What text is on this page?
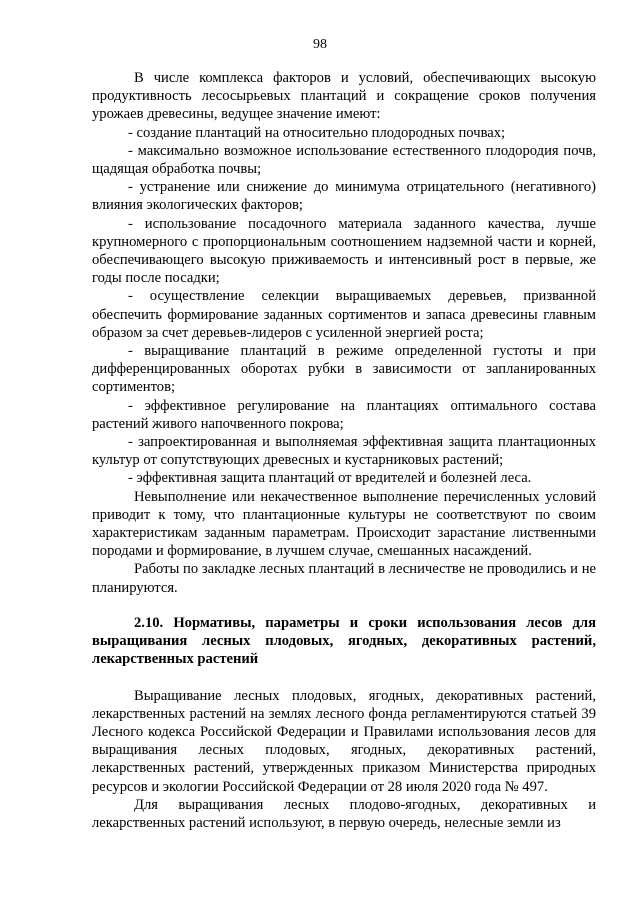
98

В числе комплекса факторов и условий, обеспечивающих высокую продуктивность лесосырьевых плантаций и сокращение сроков получения урожаев древесины, ведущее значение имеют:

- создание плантаций на относительно плодородных почвах;

- максимально возможное использование естественного плодородия почв, щадящая обработка почвы;

- устранение или снижение до минимума отрицательного (негативного) влияния экологических факторов;

- использование посадочного материала заданного качества, лучше крупномерного с пропорциональным соотношением надземной части и корней, обеспечивающего высокую приживаемость и интенсивный рост в первые, же годы после посадки;

- осуществление селекции выращиваемых деревьев, призванной обеспечить формирование заданных сортиментов и запаса древесины главным образом за счет деревьев-лидеров с усиленной энергией роста;

- выращивание плантаций в режиме определенной густоты и при дифференцированных оборотах рубки в зависимости от запланированных сортиментов;

- эффективное регулирование на плантациях оптимального состава растений живого напочвенного покрова;

- запроектированная и выполняемая эффективная защита плантационных культур от сопутствующих древесных и кустарниковых растений;

- эффективная защита плантаций от вредителей и болезней леса.

Невыполнение или некачественное выполнение перечисленных условий приводит к тому, что плантационные культуры не соответствуют по своим характеристикам заданным параметрам. Происходит зарастание лиственными породами и формирование, в лучшем случае, смешанных насаждений.

Работы по закладке лесных плантаций в лесничестве не проводились и не планируются.

2.10. Нормативы, параметры и сроки использования лесов для выращивания лесных плодовых, ягодных, декоративных растений, лекарственных растений

Выращивание лесных плодовых, ягодных, декоративных растений, лекарственных растений на землях лесного фонда регламентируются статьей 39 Лесного кодекса Российской Федерации и Правилами использования лесов для выращивания лесных плодовых, ягодных, декоративных растений, лекарственных растений, утвержденных приказом Министерства природных ресурсов и экологии Российской Федерации от 28 июля 2020 года № 497.

Для выращивания лесных плодово-ягодных, декоративных и лекарственных растений используют, в первую очередь, нелесные земли из
